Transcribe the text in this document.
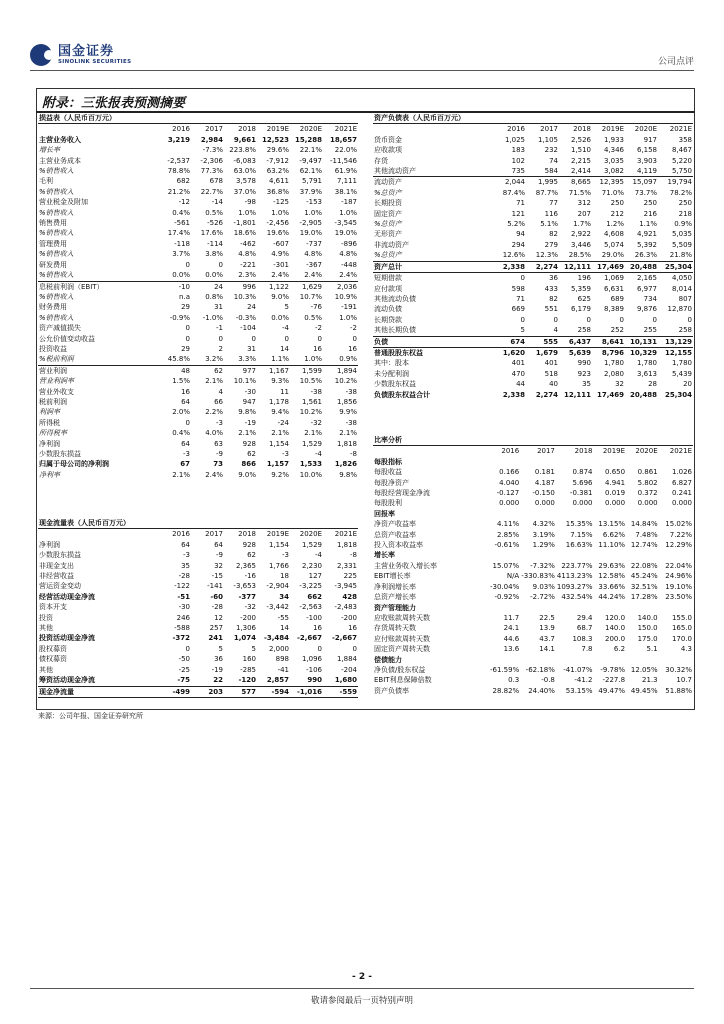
国金证券
SINOLINK SECURITIES	公司点评
附录：三张报表预测摘要
损益表（人民币百万元）						
	2016	2017	2018	2019E	2020E	2021E
主营业务收入	3,219	2,984	9,661	12,523	15,288	18,657
增长率		-7.3%	223.8%	29.6%	22.1%	22.0%
主营业务成本	-2,537	-2,306	-6,083	-7,912	-9,497	-11,546
%销售收入	78.8%	77.3%	63.0%	63.2%	62.1%	61.9%
毛利	682	678	3,578	4,611	5,791	7,111
%销售收入	21.2%	22.7%	37.0%	36.8%	37.9%	38.1%
营业税金及附加	-12	-14	-98	-125	-153	-187
%销售收入	0.4%	0.5%	1.0%	1.0%	1.0%	1.0%
销售费用	-561	-526	-1,801	-2,456	-2,905	-3,545
%销售收入	17.4%	17.6%	18.6%	19.6%	19.0%	19.0%
管理费用	-118	-114	-462	-607	-737	-896
%销售收入	3.7%	3.8%	4.8%	4.9%	4.8%	4.8%
研发费用	0	0	-221	-301	-367	-448
%销售收入	0.0%	0.0%	2.3%	2.4%	2.4%	2.4%
息税前利润（EBIT）	-10	24	996	1,122	1,629	2,036
%销售收入	n.a	0.8%	10.3%	9.0%	10.7%	10.9%
财务费用	29	31	24	5	-76	-191
%销售收入	-0.9%	-1.0%	-0.3%	0.0%	0.5%	1.0%
资产减值损失	0	-1	-104	-4	-2	-2
公允价值变动收益	0	0	0	0	0	0
投资收益	29	2	31	14	16	16
%税前利润	45.8%	3.2%	3.3%	1.1%	1.0%	0.9%
营业利润	48	62	977	1,167	1,599	1,894
营业利润率	1.5%	2.1%	10.1%	9.3%	10.5%	10.2%
营业外收支	16	4	-30	11	-38	-38
税前利润	64	66	947	1,178	1,561	1,856
利润率	2.0%	2.2%	9.8%	9.4%	10.2%	9.9%
所得税	0	-3	-19	-24	-32	-38
所得税率	0.4%	4.0%	2.1%	2.1%	2.1%	2.1%
净利润	64	63	928	1,154	1,529	1,818
少数股东损益	-3	-9	62	-3	-4	-8
归属于母公司的净利润	67	73	866	1,157	1,533	1,826
净利率	2.1%	2.4%	9.0%	9.2%	10.0%	9.8%
资产负债表（人民币百万元）						
	2016	2017	2018	2019E	2020E	2021E
货币资金	1,025	1,105	2,526	1,933	917	358
应收款项	183	232	1,510	4,346	6,158	8,467
存货	102	74	2,215	3,035	3,903	5,220
其他流动资产	735	584	2,414	3,082	4,119	5,750
流动资产	2,044	1,995	8,665	12,395	15,097	19,794
%总资产	87.4%	87.7%	71.5%	71.0%	73.7%	78.2%
长期投资	71	77	312	250	250	250
固定资产	121	116	207	212	216	218
%总资产	5.2%	5.1%	1.7%	1.2%	1.1%	0.9%
无形资产	94	82	2,922	4,608	4,921	5,035
非流动资产	294	279	3,446	5,074	5,392	5,509
%总资产	12.6%	12.3%	28.5%	29.0%	26.3%	21.8%
资产总计	2,338	2,274	12,111	17,469	20,488	25,304
短期借款	0	36	196	1,069	2,165	4,050
应付款项	598	433	5,359	6,631	6,977	8,014
其他流动负债	71	82	625	689	734	807
流动负债	669	551	6,179	8,389	9,876	12,870
长期贷款	0	0	0	0	0	0
其他长期负债	5	4	258	252	255	258
负债	674	555	6,437	8,641	10,131	13,129
普通股股东权益	1,620	1,679	5,639	8,796	10,329	12,155
其中：股本	401	401	990	1,780	1,780	1,780
未分配利润	470	518	923	2,080	3,613	5,439
少数股东权益	44	40	35	32	28	20
负债股东权益合计	2,338	2,274	12,111	17,469	20,488	25,304
比率分析						
	2016	2017	2018	2019E	2020E	2021E
每股指标						
每股收益	0.166	0.181	0.874	0.650	0.861	1.026
每股净资产	4.040	4.187	5.696	4.941	5.802	6.827
每股经营现金净流	-0.127	-0.150	-0.381	0.019	0.372	0.241
每股股利	0.000	0.000	0.000	0.000	0.000	0.000
回报率						
净资产收益率	4.11%	4.32%	15.35%	13.15%	14.84%	15.02%
总资产收益率	2.85%	3.19%	7.15%	6.62%	7.48%	7.22%
投入资本收益率	-0.61%	1.29%	16.63%	11.10%	12.74%	12.29%
增长率						
主营业务收入增长率	15.07%	-7.32%	223.77%	29.63%	22.08%	22.04%
EBIT增长率	N/A	-330.83%	4113.23%	12.58%	45.24%	24.96%
净利润增长率	-30.04%	9.03%	1093.27%	33.66%	32.51%	19.10%
总资产增长率	-0.92%	-2.72%	432.54%	44.24%	17.28%	23.50%
资产管理能力						
应收账款周转天数	11.7	22.5	29.4	120.0	140.0	155.0
存货周转天数	24.1	13.9	68.7	140.0	150.0	165.0
应付账款周转天数	44.6	43.7	108.3	200.0	175.0	170.0
固定资产周转天数	13.6	14.1	7.8	6.2	5.1	4.3
偿债能力						
净负债/股东权益	-61.59%	-62.18%	-41.07%	-9.78%	12.05%	30.32%
EBIT利息保障倍数	0.3	-0.8	-41.2	-227.8	21.3	10.7
资产负债率	28.82%	24.40%	53.15%	49.47%	49.45%	51.88%
现金流量表（人民币百万元）						
	2016	2017	2018	2019E	2020E	2021E
净利润	64	64	928	1,154	1,529	1,818
少数股东损益	-3	-9	62	-3	-4	-8
非现金支出	35	32	2,365	1,766	2,230	2,331
非经营收益	-28	-15	-16	18	127	225
营运资金变动	-122	-141	-3,653	-2,904	-3,225	-3,945
经营活动现金净流	-51	-60	-377	34	662	428
资本开支	-30	-28	-32	-3,442	-2,563	-2,483
投资	246	12	-200	-55	-100	-200
其他	-588	257	1,306	14	16	16
投资活动现金净流	-372	241	1,074	-3,484	-2,667	-2,667
股权募资	0	5	5	2,000	0	0
债权募资	-50	36	160	898	1,096	1,884
其他	-25	-19	-285	-41	-106	-204
筹资活动现金净流	-75	22	-120	2,857	990	1,680
现金净流量	-499	203	577	-594	-1,016	-559
来源：公司年报、国金证券研究所
- 2 -
敬请参阅最后一页特别声明
